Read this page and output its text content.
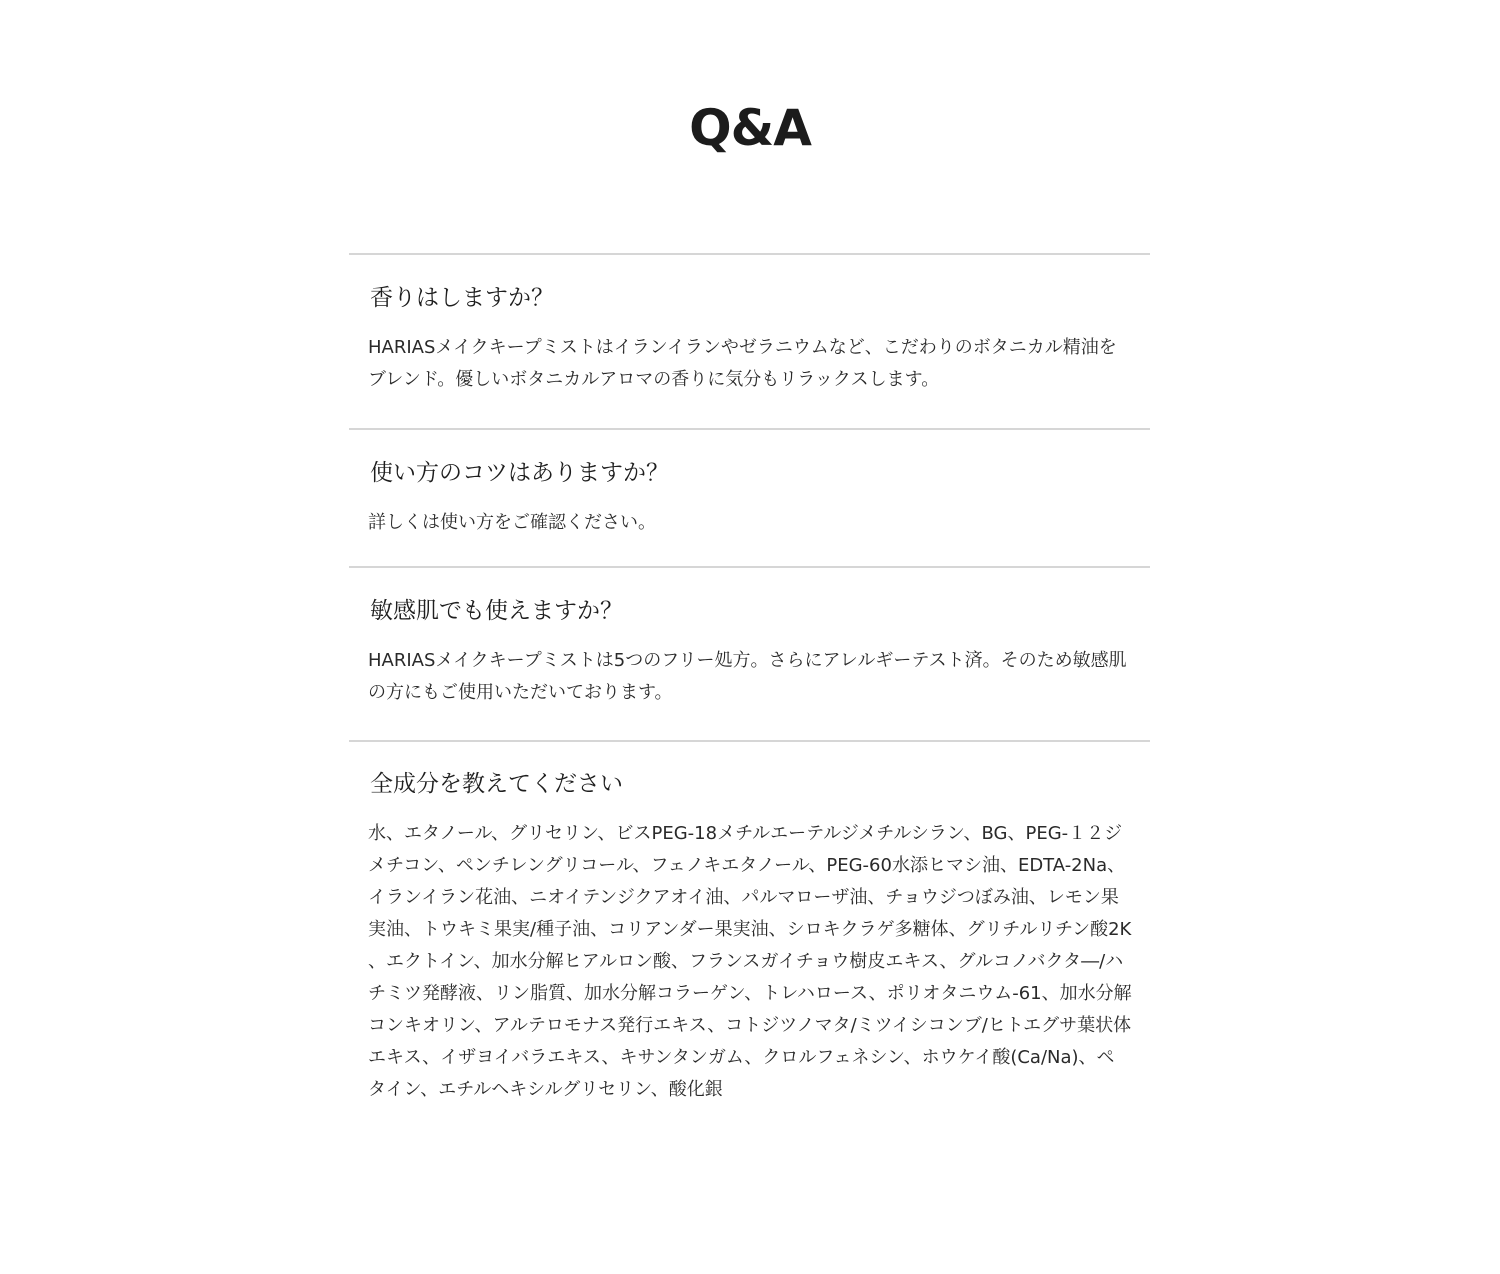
Q&A
香りはしますか？

HARIASメイクキープミストはイランイランやゼラニウムなど、こだわりのボタニカル精油をブレンド。優しいボタニカルアロマの香りに気分もリラックスします。

使い方のコツはありますか？

詳しくは使い方をご確認ください。

敏感肌でも使えますか？

HARIASメイクキープミストは5つのフリー処方。さらにアレルギーテスト済。そのため敏感肌の方にもご使用いただいております。

全成分を教えてください

水、エタノール、グリセリン、ビスPEG-18メチルエーテルジメチルシラン、BG、PEG-１２ジメチコン、ペンチレングリコール、フェノキエタノール、PEG-60水添ヒマシ油、EDTA-2Na、イランイラン花油、ニオイテンジクアオイ油、パルマローザ油、チョウジつぼみ油、レモン果実油、トウキミ果実/種子油、コリアンダー果実油、シロキクラゲ多糖体、グリチルリチン酸2K、エクトイン、加水分解ヒアルロン酸、フランスガイチョウ樹皮エキス、グルコノバクタ―/ハチミツ発酵液、リン脂質、加水分解コラーゲン、トレハロース、ポリオタニウム-61、加水分解コンキオリン、アルテロモナス発行エキス、コトジツノマタ/ミツイシコンブ/ヒトエグサ葉状体エキス、イザヨイバラエキス、キサンタンガム、クロルフェネシン、ホウケイ酸(Ca/Na)、ペタイン、エチルヘキシルグリセリン、酸化銀
